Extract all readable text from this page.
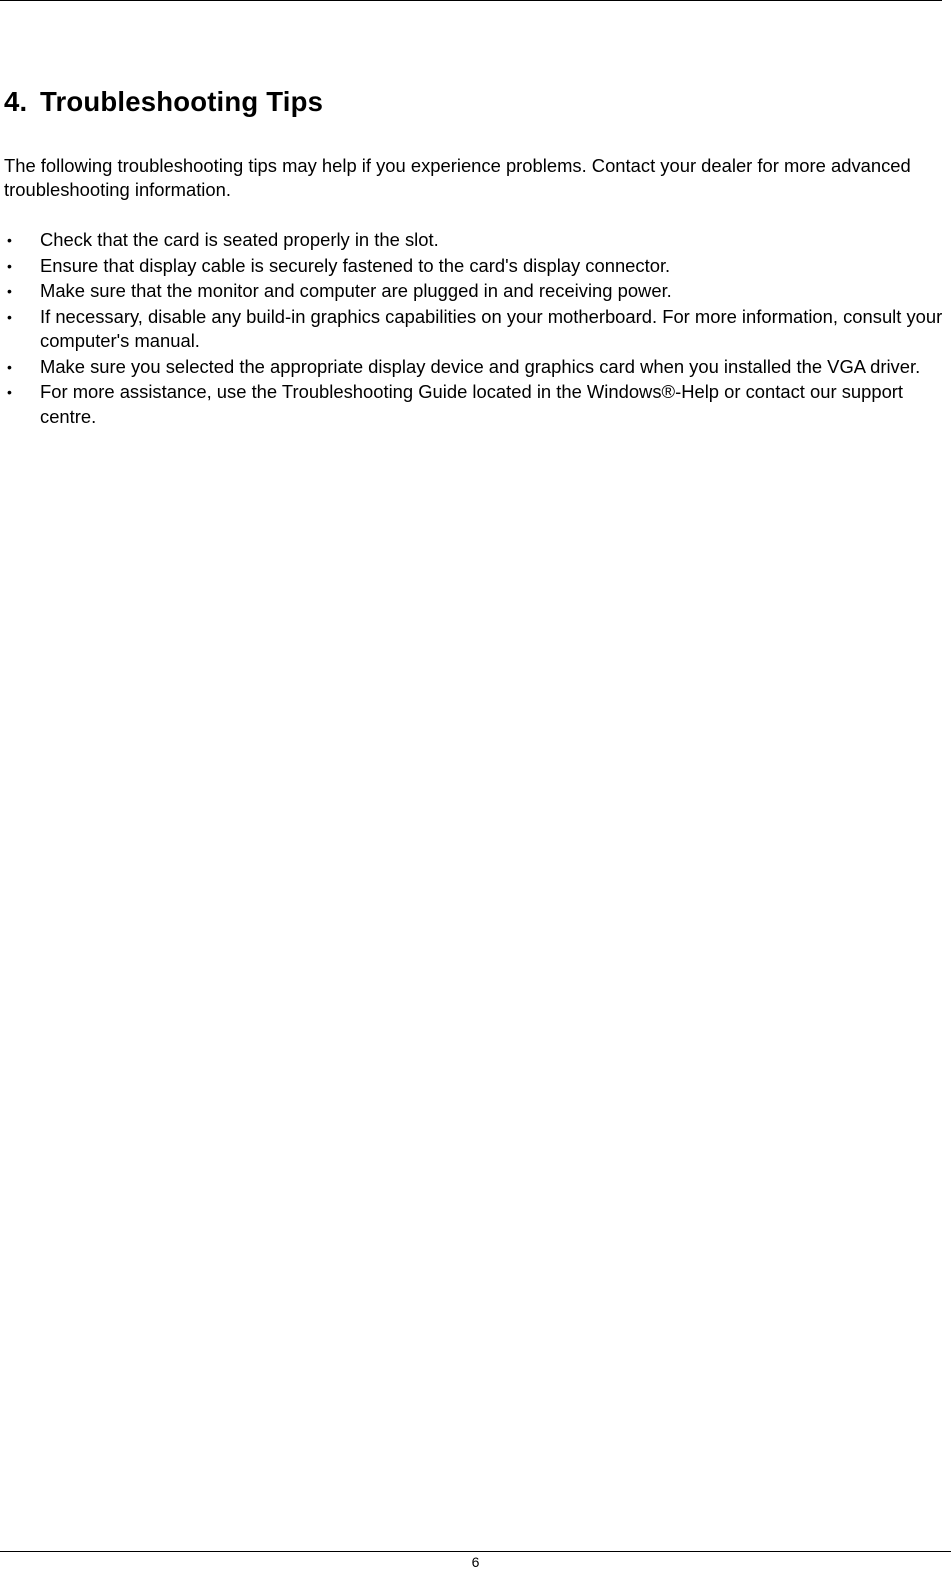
4. Troubleshooting Tips

The following troubleshooting tips may help if you experience problems. Contact your dealer for more advanced troubleshooting information.

• Check that the card is seated properly in the slot.
• Ensure that display cable is securely fastened to the card's display connector.
• Make sure that the monitor and computer are plugged in and receiving power.
• If necessary, disable any build-in graphics capabilities on your motherboard. For more information, consult your computer's manual.
• Make sure you selected the appropriate display device and graphics card when you installed the VGA driver.
• For more assistance, use the Troubleshooting Guide located in the Windows®-Help or contact our support centre.
6
